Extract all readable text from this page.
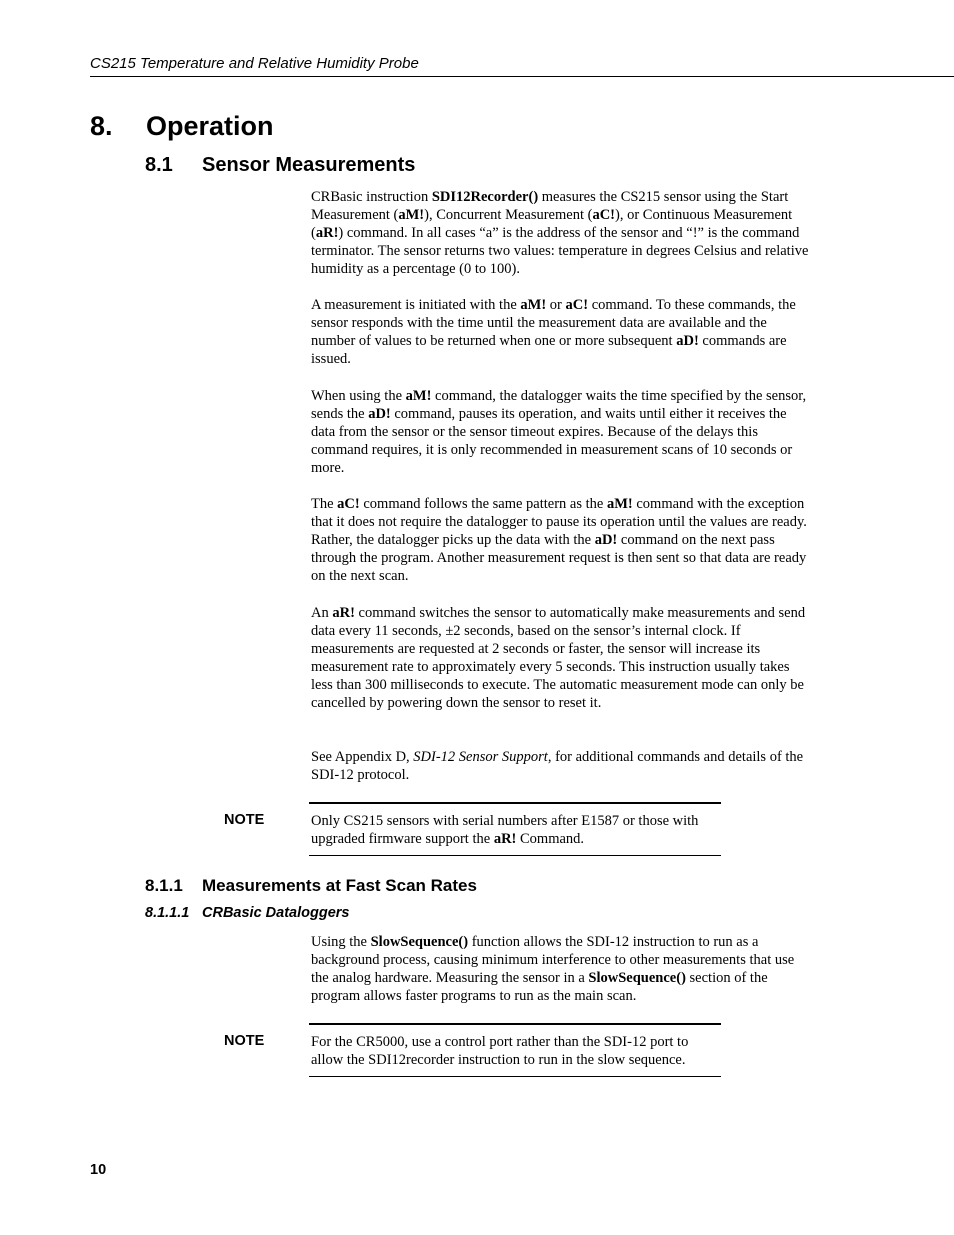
CS215 Temperature and Relative Humidity Probe
8. Operation
8.1 Sensor Measurements

CRBasic instruction SDI12Recorder() measures the CS215 sensor using the Start Measurement (aM!), Concurrent Measurement (aC!), or Continuous Measurement (aR!) command. In all cases “a” is the address of the sensor and “!” is the command terminator. The sensor returns two values: temperature in degrees Celsius and relative humidity as a percentage (0 to 100).

A measurement is initiated with the aM! or aC! command. To these commands, the sensor responds with the time until the measurement data are available and the number of values to be returned when one or more subsequent aD! commands are issued.

When using the aM! command, the datalogger waits the time specified by the sensor, sends the aD! command, pauses its operation, and waits until either it receives the data from the sensor or the sensor timeout expires. Because of the delays this command requires, it is only recommended in measurement scans of 10 seconds or more.

The aC! command follows the same pattern as the aM! command with the exception that it does not require the datalogger to pause its operation until the values are ready. Rather, the datalogger picks up the data with the aD! command on the next pass through the program. Another measurement request is then sent so that data are ready on the next scan.

An aR! command switches the sensor to automatically make measurements and send data every 11 seconds, ±2 seconds, based on the sensor’s internal clock. If measurements are requested at 2 seconds or faster, the sensor will increase its measurement rate to approximately every 5 seconds. This instruction usually takes less than 300 milliseconds to execute. The automatic measurement mode can only be cancelled by powering down the sensor to reset it.

See Appendix D, SDI-12 Sensor Support, for additional commands and details of the SDI-12 protocol.

NOTE	Only CS215 sensors with serial numbers after E1587 or those with upgraded firmware support the aR! Command.
8.1.1 Measurements at Fast Scan Rates
8.1.1.1 CRBasic Dataloggers

Using the SlowSequence() function allows the SDI-12 instruction to run as a background process, causing minimum interference to other measurements that use the analog hardware. Measuring the sensor in a SlowSequence() section of the program allows faster programs to run as the main scan.

NOTE	For the CR5000, use a control port rather than the SDI-12 port to allow the SDI12recorder instruction to run in the slow sequence.
10
